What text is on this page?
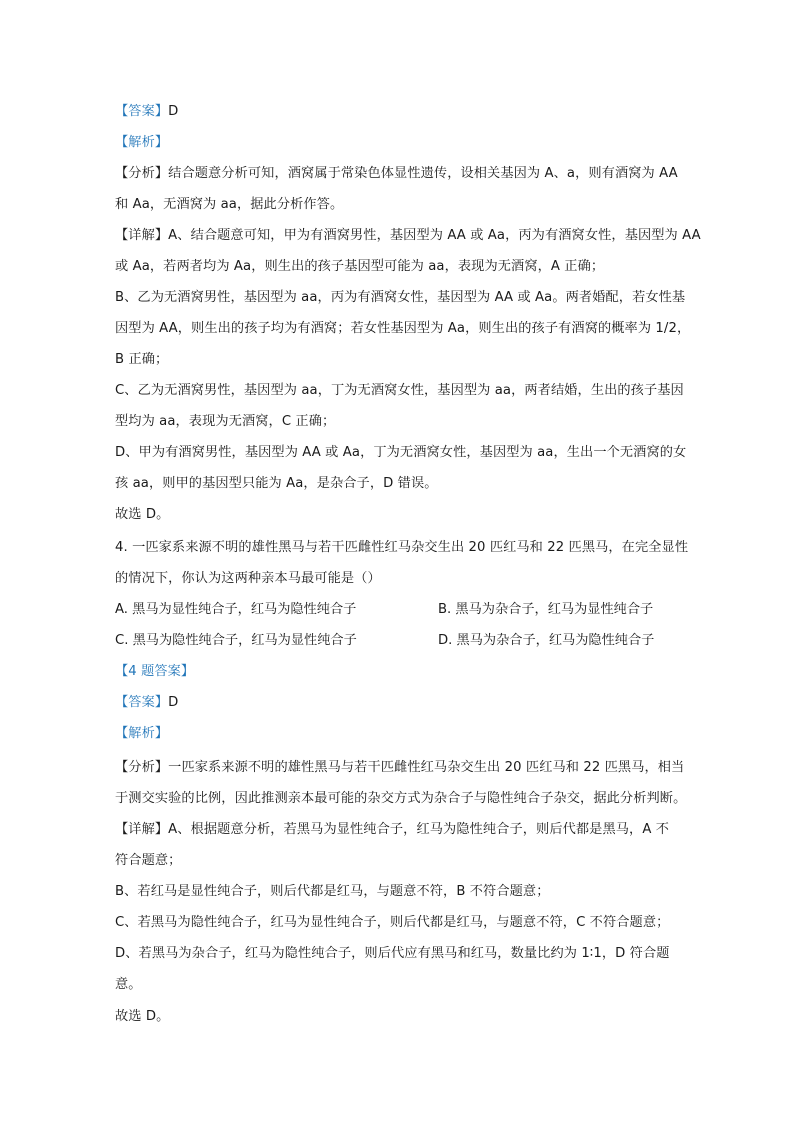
【答案】D
【解析】
【分析】结合题意分析可知，酒窝属于常染色体显性遗传，设相关基因为 A、a，则有酒窝为 AA
和 Aa，无酒窝为 aa，据此分析作答。
【详解】A、结合题意可知，甲为有酒窝男性，基因型为 AA 或 Aa，丙为有酒窝女性，基因型为 AA
或 Aa，若两者均为 Aa，则生出的孩子基因型可能为 aa，表现为无酒窝，A 正确；
B、乙为无酒窝男性，基因型为 aa，丙为有酒窝女性，基因型为 AA 或 Aa。两者婚配，若女性基
因型为 AA，则生出的孩子均为有酒窝；若女性基因型为 Aa，则生出的孩子有酒窝的概率为 1/2，
B 正确；
C、乙为无酒窝男性，基因型为 aa，丁为无酒窝女性，基因型为 aa，两者结婚，生出的孩子基因
型均为 aa，表现为无酒窝，C 正确；
D、甲为有酒窝男性，基因型为 AA 或 Aa，丁为无酒窝女性，基因型为 aa，生出一个无酒窝的女
孩 aa，则甲的基因型只能为 Aa，是杂合子，D 错误。
故选 D。
4. 一匹家系来源不明的雄性黑马与若干匹雌性红马杂交生出 20 匹红马和 22 匹黑马，在完全显性
的情况下，你认为这两种亲本马最可能是（）
A. 黑马为显性纯合子，红马为隐性纯合子	B. 黑马为杂合子，红马为显性纯合子
C. 黑马为隐性纯合子，红马为显性纯合子	D. 黑马为杂合子，红马为隐性纯合子
【4 题答案】
【答案】D
【解析】
【分析】一匹家系来源不明的雄性黑马与若干匹雌性红马杂交生出 20 匹红马和 22 匹黑马，相当
于测交实验的比例，因此推测亲本最可能的杂交方式为杂合子与隐性纯合子杂交，据此分析判断。
【详解】A、根据题意分析，若黑马为显性纯合子，红马为隐性纯合子，则后代都是黑马，A 不
符合题意；
B、若红马是显性纯合子，则后代都是红马，与题意不符，B 不符合题意；
C、若黑马为隐性纯合子，红马为显性纯合子，则后代都是红马，与题意不符，C 不符合题意；
D、若黑马为杂合子，红马为隐性纯合子，则后代应有黑马和红马，数量比约为 1∶1，D 符合题
意。
故选 D。
